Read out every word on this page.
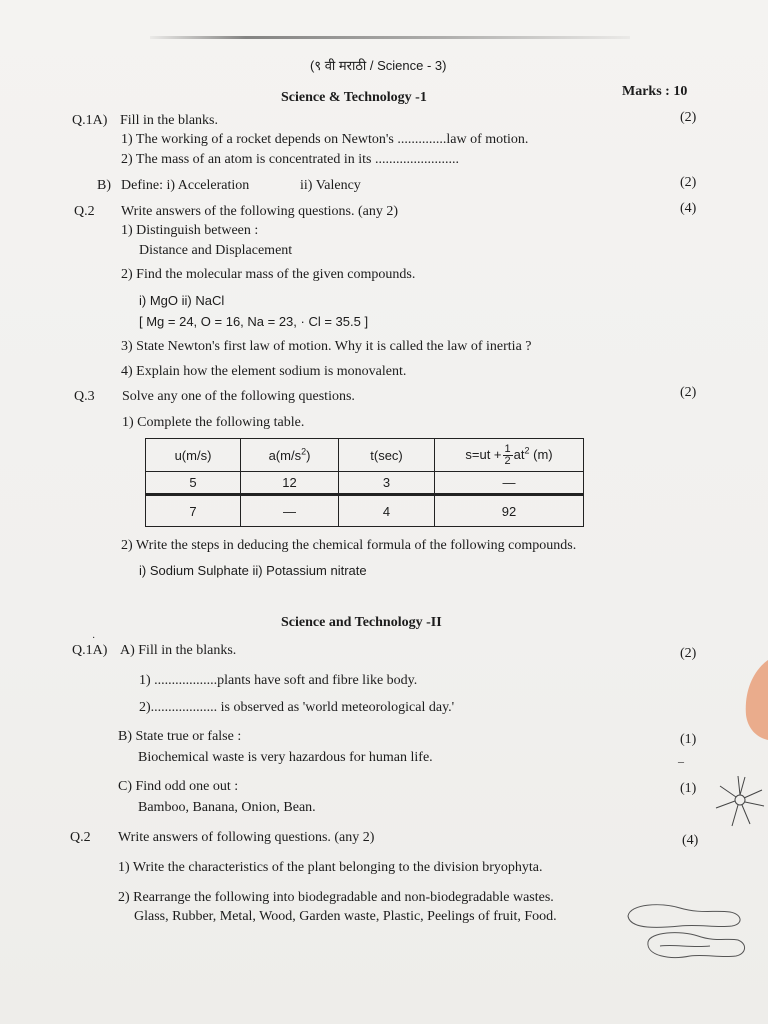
(९ वी मराठी / Science - 3)
Science & Technology -1	Marks : 10
Q.1A) Fill in the blanks.	(2)
1) The working of a rocket depends on Newton's ..............law of motion.
2) The mass of an atom is concentrated in its ........................
B) Define: i) Acceleration	ii) Valency	(2)
Q.2 Write answers of the following questions. (any 2)	(4)
1) Distinguish between :
Distance and Displacement
2) Find the molecular mass of the given compounds.
i) MgO ii) NaCl
[ Mg = 24, O = 16, Na = 23, · Cl = 35.5 ]
3) State Newton's first law of motion. Why it is called the law of inertia ?
4) Explain how the element sodium is monovalent.
Q.3 Solve any one of the following questions.	(2)
1) Complete the following table.
u(m/s)	$a(m/s^2)$	t(sec)	$s=ut + \frac{1}{2} at^2$ (m)
5	12	3	—
7	—	4	92
2) Write the steps in deducing the chemical formula of the following compounds.
i) Sodium Sulphate ii) Potassium nitrate
Science and Technology -II
·
Q.1A) A) Fill in the blanks.	(2)
1) ..................plants have soft and fibre like body.
2)................... is observed as 'world meteorological day.'
B) State true or false :	(1)
Biochemical waste is very hazardous for human life.
C) Find odd one out :	(1)
Bamboo, Banana, Onion, Bean.
Q.2 Write answers of following questions. (any 2)	(4)
1) Write the characteristics of the plant belonging to the division bryophyta.
2) Rearrange the following into biodegradable and non-biodegradable wastes.
Glass, Rubber, Metal, Wood, Garden waste, Plastic, Peelings of fruit, Food.
–
